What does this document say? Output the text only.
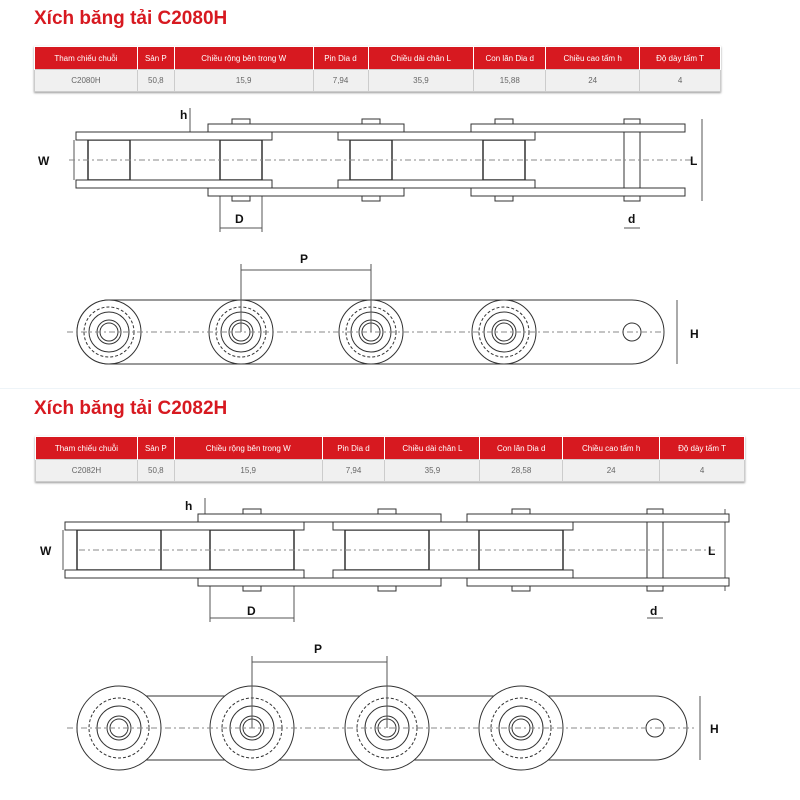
Xích băng tải C2080H
Tham chiếu chuỗi	Sản P	Chiều rộng bên trong W	Pin Dia d	Chiều dài chân L	Con lăn Dia d	Chiều cao tấm h	Độ dày tấm T
C2080H	50,8	15,9	7,94	35,9	15,88	24	4
h
W
D	d
L
P
H
Xích băng tải C2082H
Tham chiếu chuỗi	Sản P	Chiều rộng bên trong W	Pin Dia d	Chiều dài chân L	Con lăn Dia d	Chiều cao tấm h	Độ dày tấm T
C2082H	50,8	15,9	7,94	35,9	28,58	24	4
h
W
D	d
L
P
H
